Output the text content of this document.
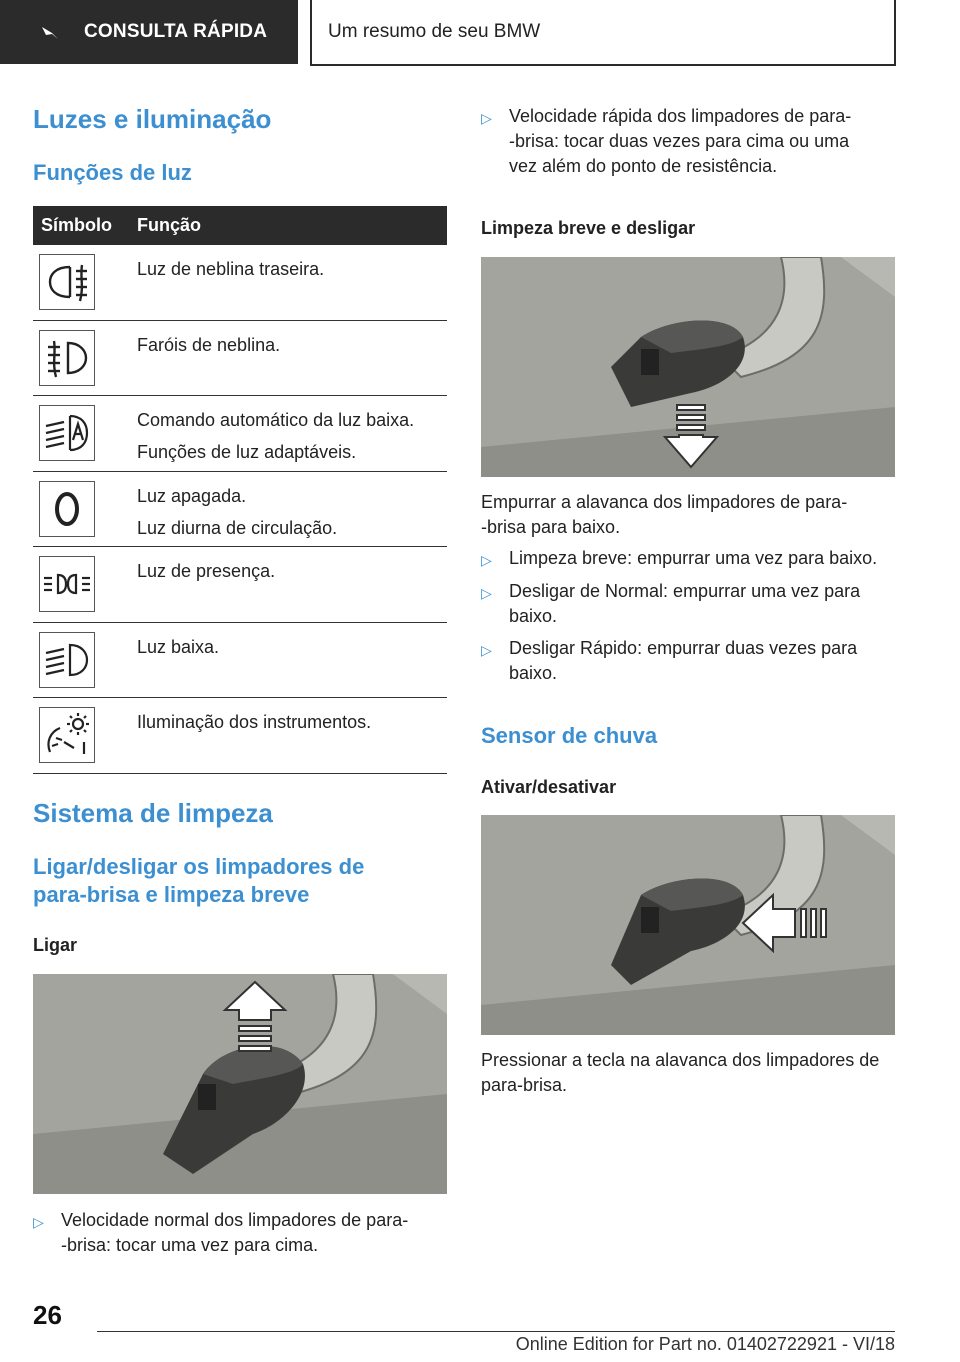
CONSULTA RÁPIDA	Um resumo de seu BMW
Luzes e iluminação
Funções de luz
Símbolo	Função
Luz de neblina traseira.
Faróis de neblina.
Comando automático da luz baixa.
Funções de luz adaptáveis.
Luz apagada.
Luz diurna de circulação.
Luz de presença.
Luz baixa.
Iluminação dos instrumentos.
Sistema de limpeza
Ligar/desligar os limpadores de
para-brisa e limpeza breve
Ligar
▷ Velocidade normal dos limpadores de para-
-brisa: tocar uma vez para cima.
▷ Velocidade rápida dos limpadores de para-
-brisa: tocar duas vezes para cima ou uma
vez além do ponto de resistência.
Limpeza breve e desligar
Empurrar a alavanca dos limpadores de para-
-brisa para baixo.
▷ Limpeza breve: empurrar uma vez para baixo.
▷ Desligar de Normal: empurrar uma vez para
baixo.
▷ Desligar Rápido: empurrar duas vezes para
baixo.
Sensor de chuva
Ativar/desativar
Pressionar a tecla na alavanca dos limpadores de
para-brisa.
26
Online Edition for Part no. 01402722921 - VI/18
